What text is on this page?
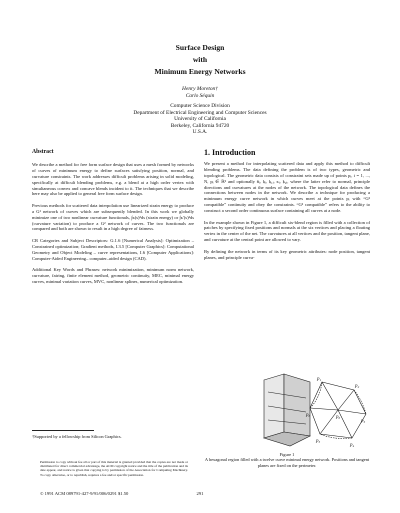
Surface Design
with
Minimum Energy Networks
Henry Moreton†
Carlo Séquin
Computer Science Division
Department of Electrical Engineering and Computer Sciences
University of California
Berkeley, California 94720
U.S.A.
Abstract

We describe a method for free form surface design that uses a mesh formed by networks of curves of minimum energy to define surfaces satisfying position, normal, and curvature constraints. The work addresses difficult problems arising in solid modeling, specifically at difficult blending problems, e.g. a blend at a high order vertex with simultaneous convex and concave blends incident to it. The techniques that we describe here may also be applied to general free form surface design.

Previous methods for scattered data interpolation use linearized strain energy to produce a G¹ network of curves which are subsequently blended. In this work we globally minimize one of two nonlinear curvature functionals, ∫κ(s)²ds (strain energy) or ∫κ'(s)²ds (curvature variation) to produce a G² network of curves. The two functionals are compared and both are shown to result in a high degree of fairness.

CR Categories and Subject Descriptors: G.1.6 [Numerical Analysis]: Optimization – Constrained optimization; Gradient methods, I.3.5 [Computer Graphics]: Computational Geometry and Object Modeling – curve representations, I.6 [Computer Applications]: Computer-Aided Engineering– computer–aided design (CAD).

Additional Key Words and Phrases: network minimization, minimum norm network, curvature, fairing, finite element method, geometric continuity, MEC, minimal energy curves, minimal variation curves, MVC, nonlinear splines, numerical optimization.

†Supported by a fellowship from Silicon Graphics.
Permission to copy without fee all or part of this material is granted provided that the copies are not made or distributed for direct commercial advantage, the ACM copyright notice and the title of the publication and its date appear, and notice is given that copying is by permission of the Association for Computing Machinery. To copy otherwise, or to republish, requires a fee and/or specific permission.
© 1991 ACM 089791-427-9/91/006/0291 $1.50	291
1. Introduction

We present a method for interpolating scattered data and apply this method to difficult blending problems. The data defining the problem is of two types, geometric and topological. The geometric data consists of constraint sets made up of points pᵢ, i = 1, ..., N, pᵢ ∈ ℝ³ and optionally ñᵢ, ḳᵢ, ḳ₁ᵢ, κᵢ, ḳ₂ᵢ, where the latter refer to normal, principle directions and curvatures at the nodes of the network. The topological data defines the connections between nodes in the network. We describe a technique for producing a minimum energy curve network in which curves meet at the points pᵢ with “G² compatible” continuity and obey the constraints. “G² compatible” refers to the ability to construct a second order continuous surface containing all curves at a node.

In the example shown in Figure 1, a difficult six-blend region is filled with a collection of patches by specifying fixed positions and normals at the six vertices and placing a floating vertex in the center of the net. The curvatures at all vertices and the position, tangent plane, and curvature at the central point are allowed to vary.

By defining the network in terms of its key geometric attributes: node position, tangent planes, and principle curva-

p₁
p₂
p₃
p₄
p₅
p₆	p₀
Figure 1
A hexagonal region filled with a twelve curve minimal energy network. Positions and tangent planes are fixed on the perimeter.
